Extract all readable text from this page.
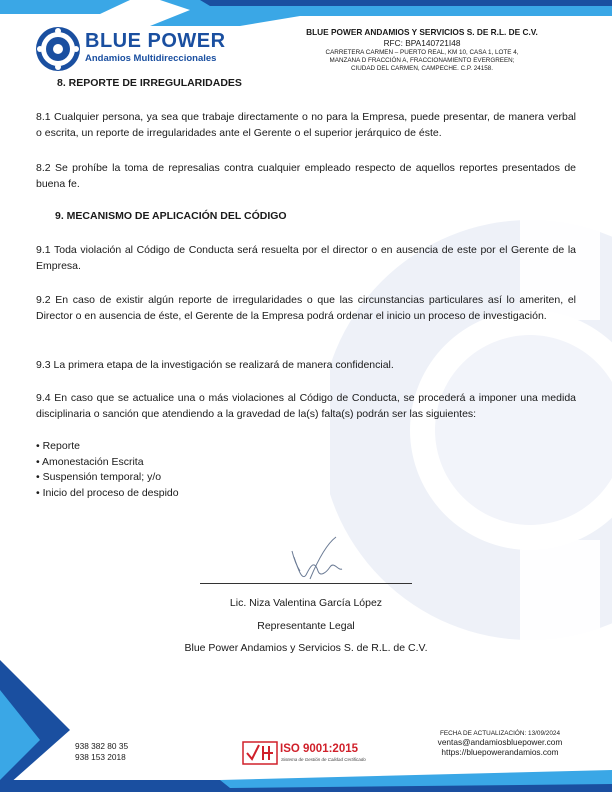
BLUE POWER
Andamios Multidireccionales
BLUE POWER ANDAMIOS Y SERVICIOS S. DE R.L. DE C.V.
RFC: BPA140721I48
CARRETERA CARMEN – PUERTO REAL, KM 10, CASA 1, LOTE 4,
MANZANA D FRACCIÓN A, FRACCIONAMIENTO EVERGREEN;
CIUDAD DEL CARMEN, CAMPECHE. C.P. 24158.
8. REPORTE DE IRREGULARIDADES

8.1 Cualquier persona, ya sea que trabaje directamente o no para la Empresa, puede presentar, de manera verbal o escrita, un reporte de irregularidades ante el Gerente o el superior jerárquico de éste.

8.2 Se prohíbe la toma de represalias contra cualquier empleado respecto de aquellos reportes presentados de buena fe.

9. MECANISMO DE APLICACIÓN DEL CÓDIGO

9.1 Toda violación al Código de Conducta será resuelta por el director o en ausencia de este por el Gerente de la Empresa.

9.2 En caso de existir algún reporte de irregularidades o que las circunstancias particulares así lo ameriten, el Director o en ausencia de éste, el Gerente de la Empresa podrá ordenar el inicio un proceso de investigación.

9.3 La primera etapa de la investigación se realizará de manera confidencial.

9.4 En caso que se actualice una o más violaciones al Código de Conducta, se procederá a imponer una medida disciplinaria o sanción que atendiendo a la gravedad de la(s) falta(s) podrán ser las siguientes:

• Reporte
• Amonestación Escrita
• Suspensión temporal; y/o
• Inicio del proceso de despido
Lic. Niza Valentina García López
Representante Legal
Blue Power Andamios y Servicios S. de R.L. de C.V.
938 382 80 35
938 153 2018
ISO 9001:2015
Sistema de Gestión de Calidad Certificado
FECHA DE ACTUALIZACIÓN: 13/09/2024
ventas@andamiosbluepower.com
https://bluepowerandamios.com
